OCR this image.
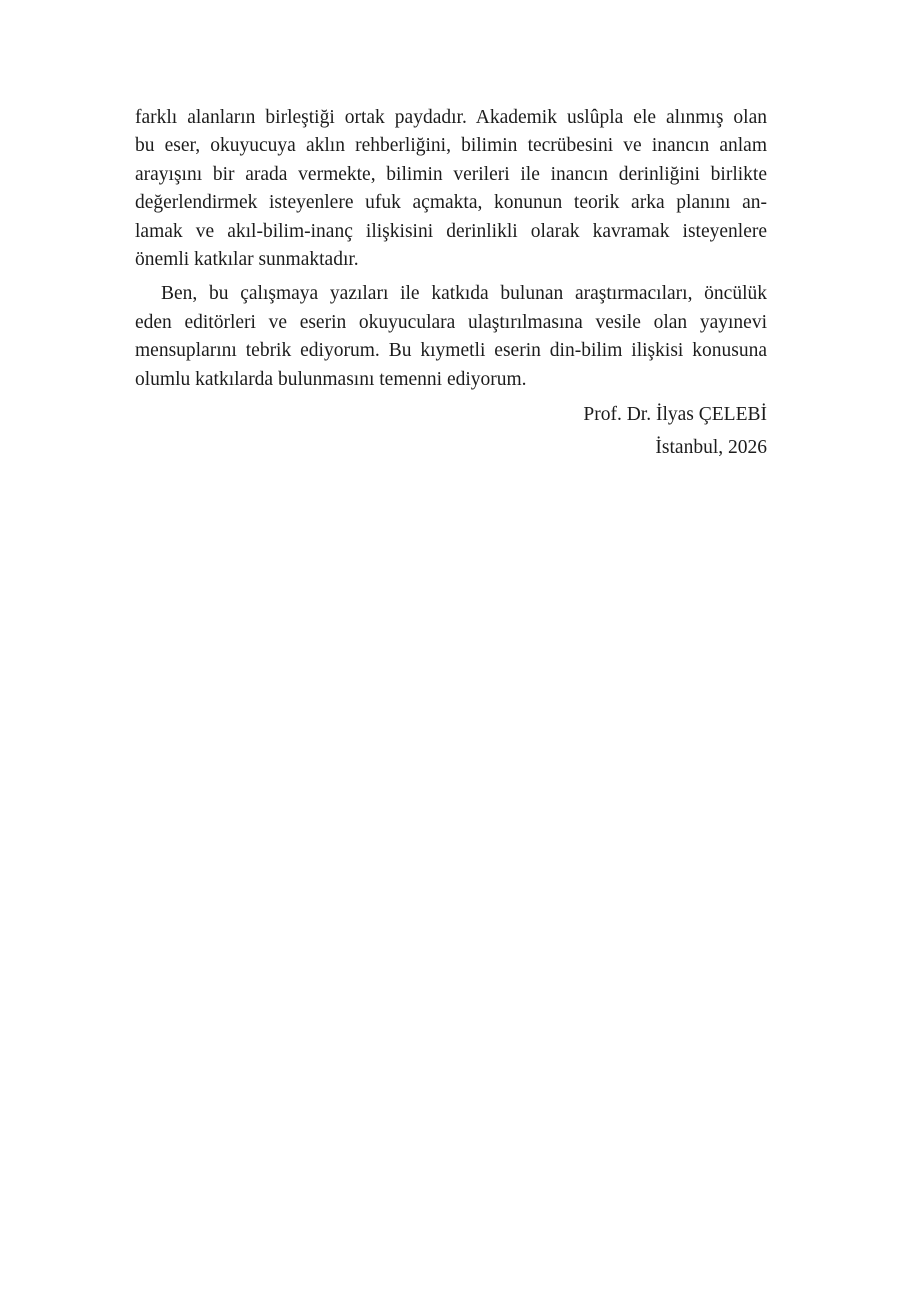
farklı alanların birleştiği ortak paydadır. Akademik uslûpla ele alınmış olan
bu eser, okuyucuya aklın rehberliğini, bilimin tecrübesini ve inancın anlam
arayışını bir arada vermekte, bilimin verileri ile inancın derinliğini birlikte
değerlendirmek isteyenlere ufuk açmakta, konunun teorik arka planını an-
lamak ve akıl-bilim-inanç ilişkisini derinlikli olarak kavramak isteyenlere
önemli katkılar sunmaktadır.
Ben, bu çalışmaya yazıları ile katkıda bulunan araştırmacıları, öncülük
eden editörleri ve eserin okuyuculara ulaştırılmasına vesile olan yayınevi
mensuplarını tebrik ediyorum. Bu kıymetli eserin din-bilim ilişkisi konusuna
olumlu katkılarda bulunmasını temenni ediyorum.
Prof. Dr. İlyas ÇELEBİ
İstanbul, 2026
